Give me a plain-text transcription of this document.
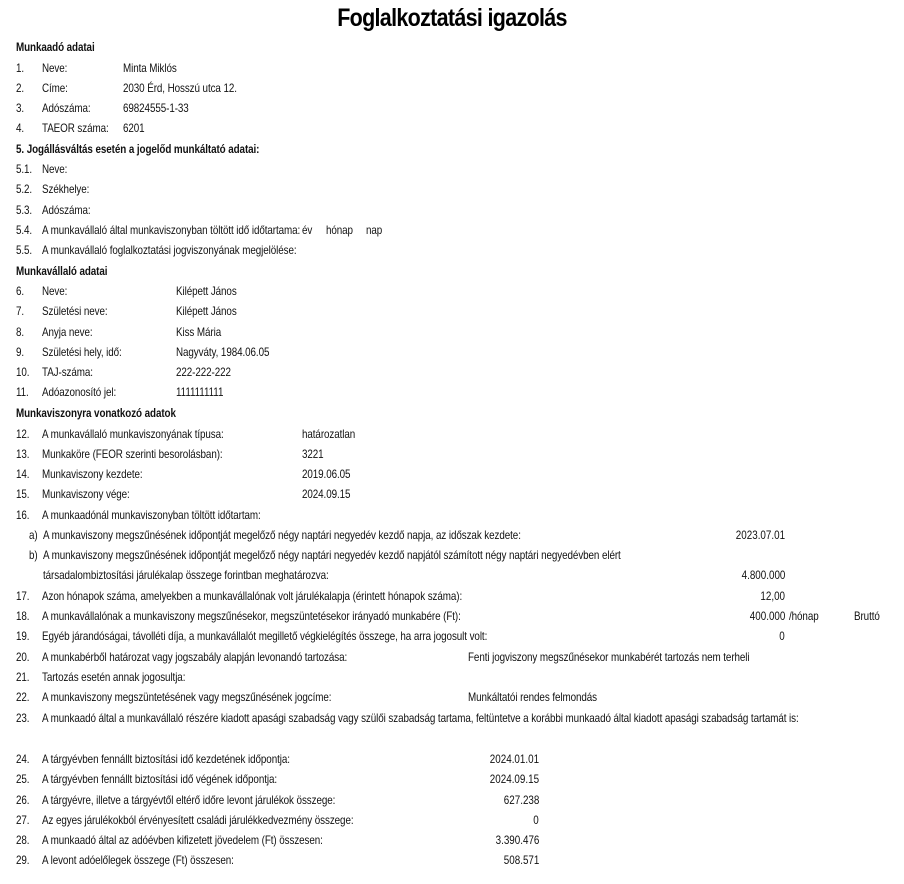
Foglalkoztatási igazolás
Munkaadó adatai
1. Neve:	Minta Miklós
2. Címe:	2030 Érd, Hosszú utca 12.
3. Adószáma:	69824555-1-33
4. TAEOR száma: 6201
5. Jogállásváltás esetén a jogelőd munkáltató adatai:
5.1. Neve:
5.2. Székhelye:
5.3. Adószáma:
5.4. A munkavállaló által munkaviszonyban töltött idő időtartama: év hónap nap
5.5. A munkavállaló foglalkoztatási jogviszonyának megjelölése:
Munkavállaló adatai
6. Neve:	Kilépett János
7. Születési neve:	Kilépett János
8. Anyja neve:	Kiss Mária
9. Születési hely, idő:	Nagyváty, 1984.06.05
10. TAJ-száma:	222-222-222
11. Adóazonosító jel:	1111111111
Munkaviszonyra vonatkozó adatok
12. A munkavállaló munkaviszonyának típusa:	határozatlan
13. Munkaköre (FEOR szerinti besorolásban):	3221
14. Munkaviszony kezdete:	2019.06.05
15. Munkaviszony vége:	2024.09.15
16. A munkaadónál munkaviszonyban töltött időtartam:
a) A munkaviszony megszűnésének időpontját megelőző négy naptári negyedév kezdő napja, az időszak kezdete:	2023.07.01
b) A munkaviszony megszűnésének időpontját megelőző négy naptári negyedév kezdő napjától számított négy naptári negyedévben elért
társadalombiztosítási járulékalap összege forintban meghatározva:	4.800.000
17. Azon hónapok száma, amelyekben a munkavállalónak volt járulékalapja (érintett hónapok száma):	12,00
18. A munkavállalónak a munkaviszony megszűnésekor, megszüntetésekor irányadó munkabére (Ft):	400.000 /hónap	Bruttó
19. Egyéb járandóságai, távolléti díja, a munkavállalót megillető végkielégítés összege, ha arra jogosult volt:	0
20. A munkabérből határozat vagy jogszabály alapján levonandó tartozása:	Fenti jogviszony megszűnésekor munkabérét tartozás nem terheli
21. Tartozás esetén annak jogosultja:
22. A munkaviszony megszüntetésének vagy megszűnésének jogcíme:	Munkáltatói rendes felmondás
23. A munkaadó által a munkavállaló részére kiadott apasági szabadság vagy szülői szabadság tartama, feltüntetve a korábbi munkaadó által kiadott apasági szabadság tartamát is:
24. A tárgyévben fennállt biztosítási idő kezdetének időpontja:	2024.01.01
25. A tárgyévben fennállt biztosítási idő végének időpontja:	2024.09.15
26. A tárgyévre, illetve a tárgyévtől eltérő időre levont járulékok összege:	627.238
27. Az egyes járulékokból érvényesített családi járulékkedvezmény összege:	0
28. A munkaadó által az adóévben kifizetett jövedelem (Ft) összesen:	3.390.476
29. A levont adóelőlegek összege (Ft) összesen:	508.571
